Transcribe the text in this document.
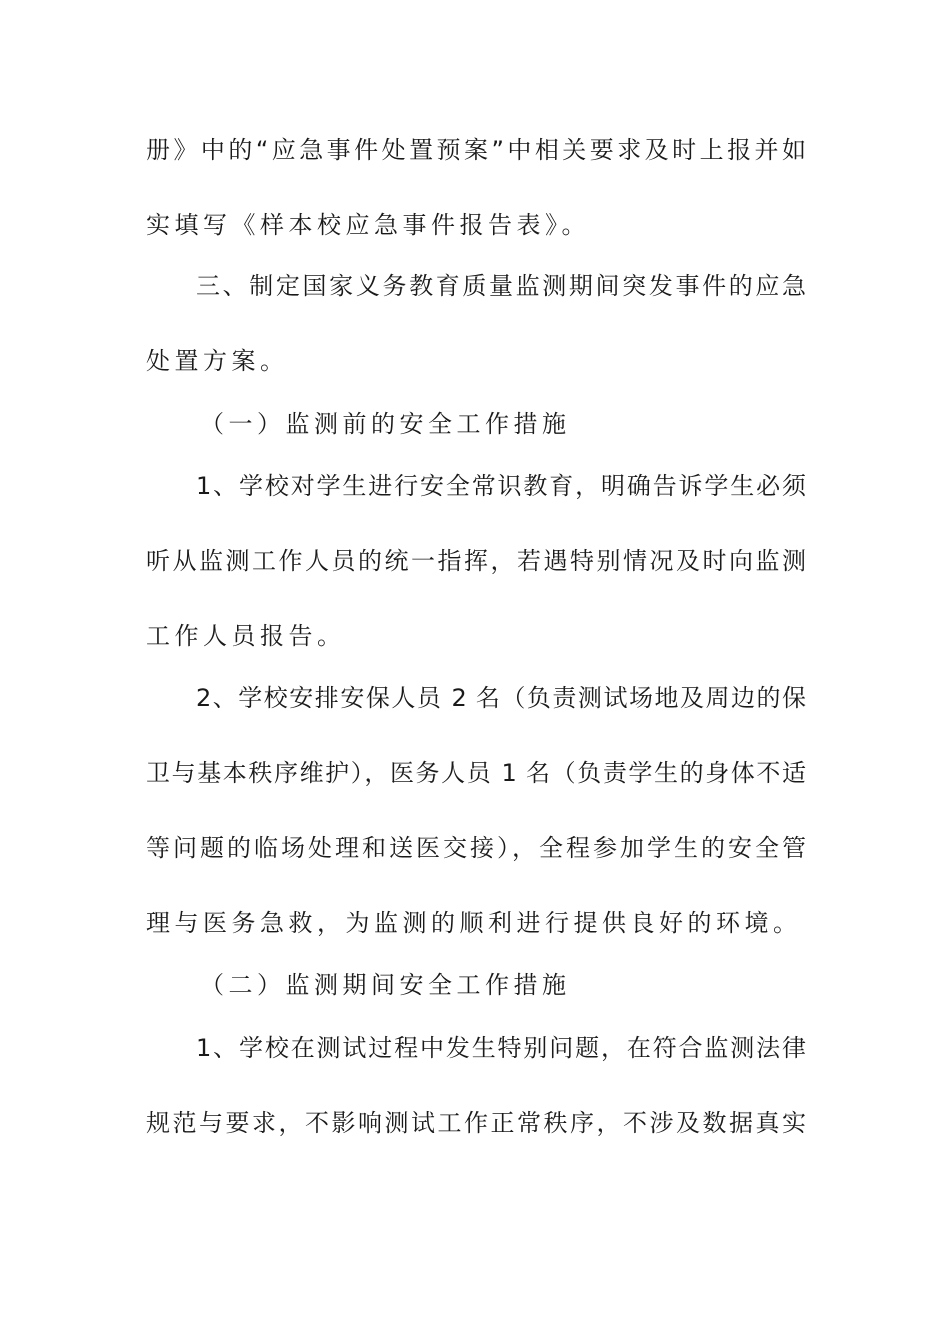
册》中的“应急事件处置预案”中相关要求及时上报并如
实填写《样本校应急事件报告表》。
三、制定国家义务教育质量监测期间突发事件的应急
处置方案。
（一）监测前的安全工作措施
1、学校对学生进行安全常识教育，明确告诉学生必须
听从监测工作人员的统一指挥，若遇特别情况及时向监测
工作人员报告。
2、学校安排安保人员 2 名（负责测试场地及周边的保
卫与基本秩序维护），医务人员 1 名（负责学生的身体不适
等问题的临场处理和送医交接），全程参加学生的安全管
理与医务急救，为监测的顺利进行提供良好的环境。
（二）监测期间安全工作措施
1、学校在测试过程中发生特别问题，在符合监测法律
规范与要求，不影响测试工作正常秩序，不涉及数据真实
